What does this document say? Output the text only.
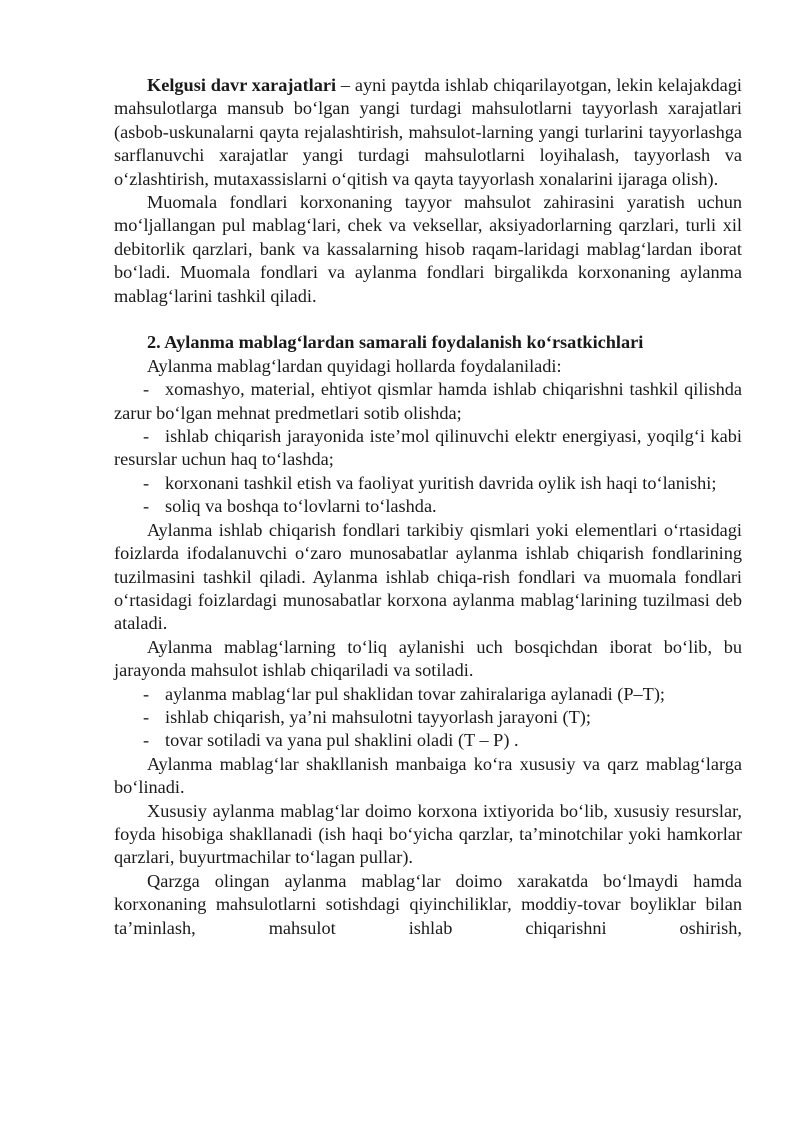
Kelgusi davr xarajatlari – ayni paytda ishlab chiqarilayotgan, lekin kelajakdagi mahsulotlarga mansub bo‘lgan yangi turdagi mahsulotlarni tayyorlash xarajatlari (asbob-uskunalarni qayta rejalashtirish, mahsulot-larning yangi turlarini tayyorlashga sarflanuvchi xarajatlar yangi turdagi mahsulotlarni loyihalash, tayyorlash va o‘zlashtirish, mutaxassislarni o‘qitish va qayta tayyorlash xonalarini ijaraga olish).

Muomala fondlari korxonaning tayyor mahsulot zahirasini yaratish uchun mo‘ljallangan pul mablag‘lari, chek va veksellar, aksiyadorlarning qarzlari, turli xil debitorlik qarzlari, bank va kassalarning hisob raqam-laridagi mablag‘lardan iborat bo‘ladi. Muomala fondlari va aylanma fondlari birgalikda korxonaning aylanma mablag‘larini tashkil qiladi.

2. Aylanma mablag‘lardan samarali foydalanish ko‘rsatkichlari

Aylanma mablag‘lardan quyidagi hollarda foydalaniladi:

- xomashyo, material, ehtiyot qismlar hamda ishlab chiqarishni tashkil qilishda zarur bo‘lgan mehnat predmetlari sotib olishda;

- ishlab chiqarish jarayonida iste’mol qilinuvchi elektr energiyasi, yoqilg‘i kabi resurslar uchun haq to‘lashda;

- korxonani tashkil etish va faoliyat yuritish davrida oylik ish haqi to‘lanishi;

- soliq va boshqa to‘lovlarni to‘lashda.

Aylanma ishlab chiqarish fondlari tarkibiy qismlari yoki elementlari o‘rtasidagi foizlarda ifodalanuvchi o‘zaro munosabatlar aylanma ishlab chiqarish fondlarining tuzilmasini tashkil qiladi. Aylanma ishlab chiqa-rish fondlari va muomala fondlari o‘rtasidagi foizlardagi munosabatlar korxona aylanma mablag‘larining tuzilmasi deb ataladi.

Aylanma mablag‘larning to‘liq aylanishi uch bosqichdan iborat bo‘lib, bu jarayonda mahsulot ishlab chiqariladi va sotiladi.

- aylanma mablag‘lar pul shaklidan tovar zahiralariga aylanadi (P–T);

- ishlab chiqarish, ya’ni mahsulotni tayyorlash jarayoni (T);

- tovar sotiladi va yana pul shaklini oladi (T – P) .

Aylanma mablag‘lar shakllanish manbaiga ko‘ra xususiy va qarz mablag‘larga bo‘linadi.

Xususiy aylanma mablag‘lar doimo korxona ixtiyorida bo‘lib, xususiy resurslar, foyda hisobiga shakllanadi (ish haqi bo‘yicha qarzlar, ta’minotchilar yoki hamkorlar qarzlari, buyurtmachilar to‘lagan pullar).

Qarzga olingan aylanma mablag‘lar doimo xarakatda bo‘lmaydi hamda korxonaning mahsulotlarni sotishdagi qiyinchiliklar, moddiy-tovar boyliklar bilan ta’minlash, mahsulot ishlab chiqarishni oshirish,
